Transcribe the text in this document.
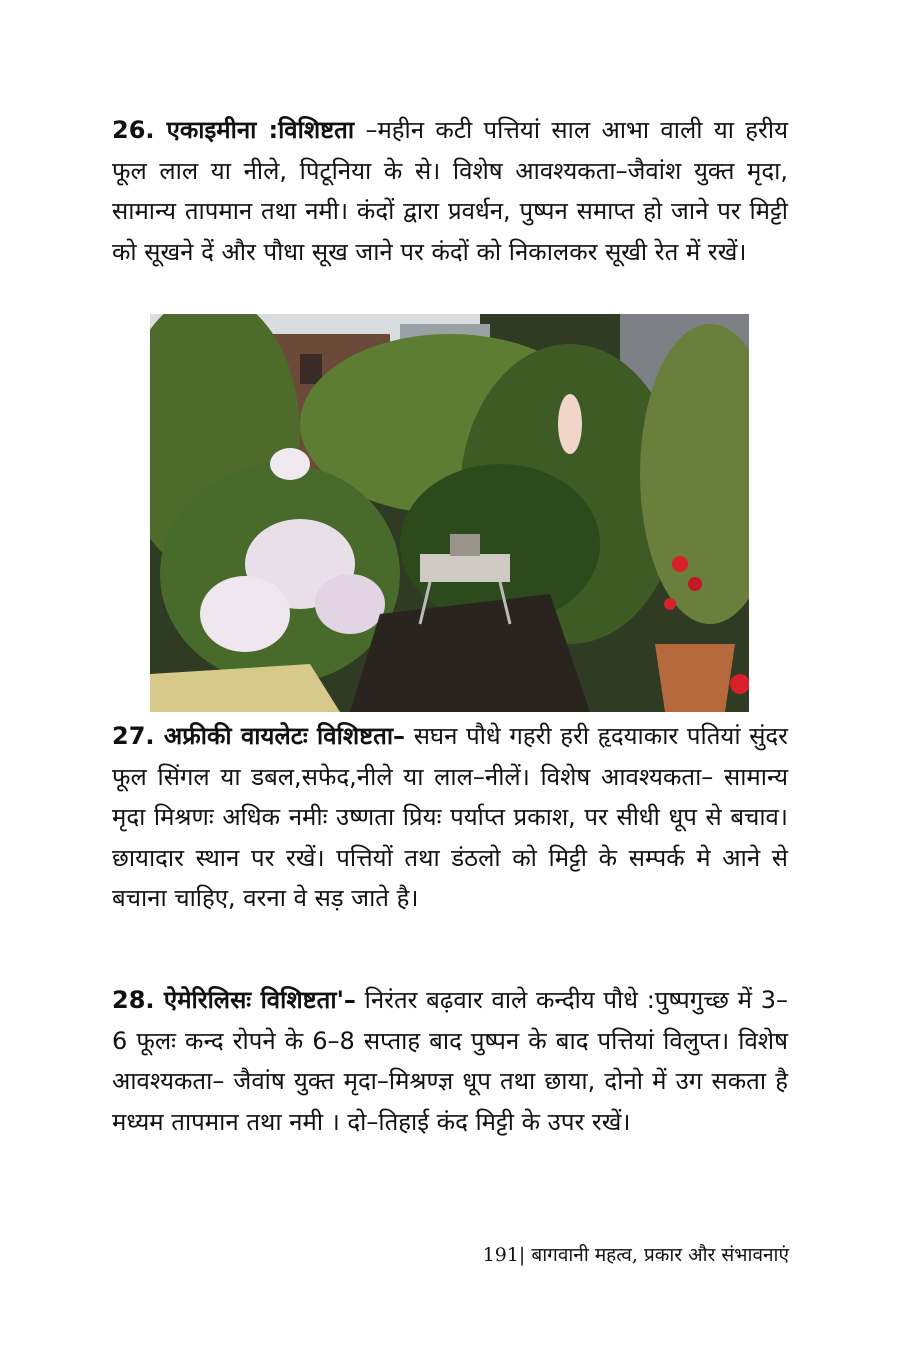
26. एकाइमीना :विशिष्टता –महीन कटी पत्तियां साल आभा वाली या हरीय फूल लाल या नीले, पिटूनिया के से। विशेष आवश्यकता–जैवांश युक्त मृदा, सामान्य तापमान तथा नमी। कंदों द्वारा प्रवर्धन, पुष्पन समाप्त हो जाने पर मिट्टी को सूखने दें और पौधा सूख जाने पर कंदों को निकालकर सूखी रेत में रखें।

27. अफ्रीकी वायलेटः विशिष्टता– सघन पौधे गहरी हरी हृदयाकार पतियां सुंदर फूल सिंगल या डबल,सफेद,नीले या लाल–नीलें। विशेष आवश्यकता– सामान्य मृदा मिश्रणः अधिक नमीः उष्णता प्रियः पर्याप्त प्रकाश, पर सीधी धूप से बचाव। छायादार स्थान पर रखें। पत्तियों तथा डंठलो को मिट्टी के सम्पर्क मे आने से बचाना चाहिए, वरना वे सड़ जाते है।

28. ऐमेरिलिसः विशिष्टता'– निरंतर बढ़वार वाले कन्दीय पौधे :पुष्पगुच्छ में 3–6 फूलः कन्द रोपने के 6–8 सप्ताह बाद पुष्पन के बाद पत्तियां विलुप्त। विशेष आवश्यकता– जैवांष युक्त मृदा–मिश्रण्ज्ञ धूप तथा छाया, दोनो में उग सकता है मध्यम तापमान तथा नमी । दो–तिहाई कंद मिट्टी के उपर रखें।

191| बागवानी महत्व, प्रकार और संभावनाएं
